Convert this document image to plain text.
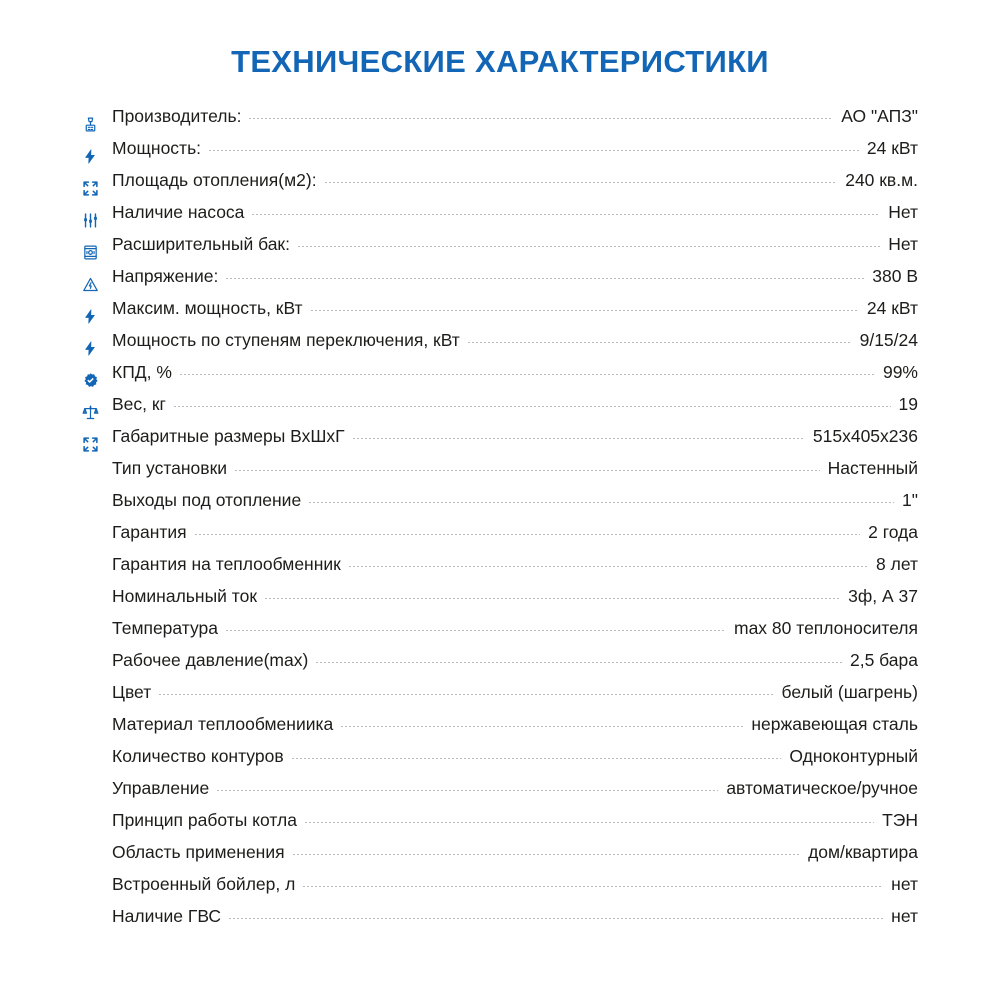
ТЕХНИЧЕСКИЕ ХАРАКТЕРИСТИКИ
Производитель:	АО "АПЗ"
Мощность:	24 кВт
Площадь отопления(м2):	240 кв.м.
Наличие насоса	Нет
Расширительный бак:	Нет
Напряжение:	380 В
Максим. мощность, кВт	24 кВт
Мощность по ступеням переключения, кВт	9/15/24
КПД, %	99%
Вес, кг	19
Габаритные размеры ВхШхГ	515x405x236
Тип установки	Настенный
Выходы под отопление	1"
Гарантия	2 года
Гарантия на теплообменник	8 лет
Номинальный ток	3ф, А 37
Температура	max 80 теплоносителя
Рабочее давление(max)	2,5 бара
Цвет	белый (шагрень)
Материал теплообмениика	нержавеющая сталь
Количество контуров	Одноконтурный
Управление	автоматическое/ручное
Принцип работы котла	ТЭН
Область применения	дом/квартира
Встроенный бойлер, л	нет
Наличие ГВС	нет
